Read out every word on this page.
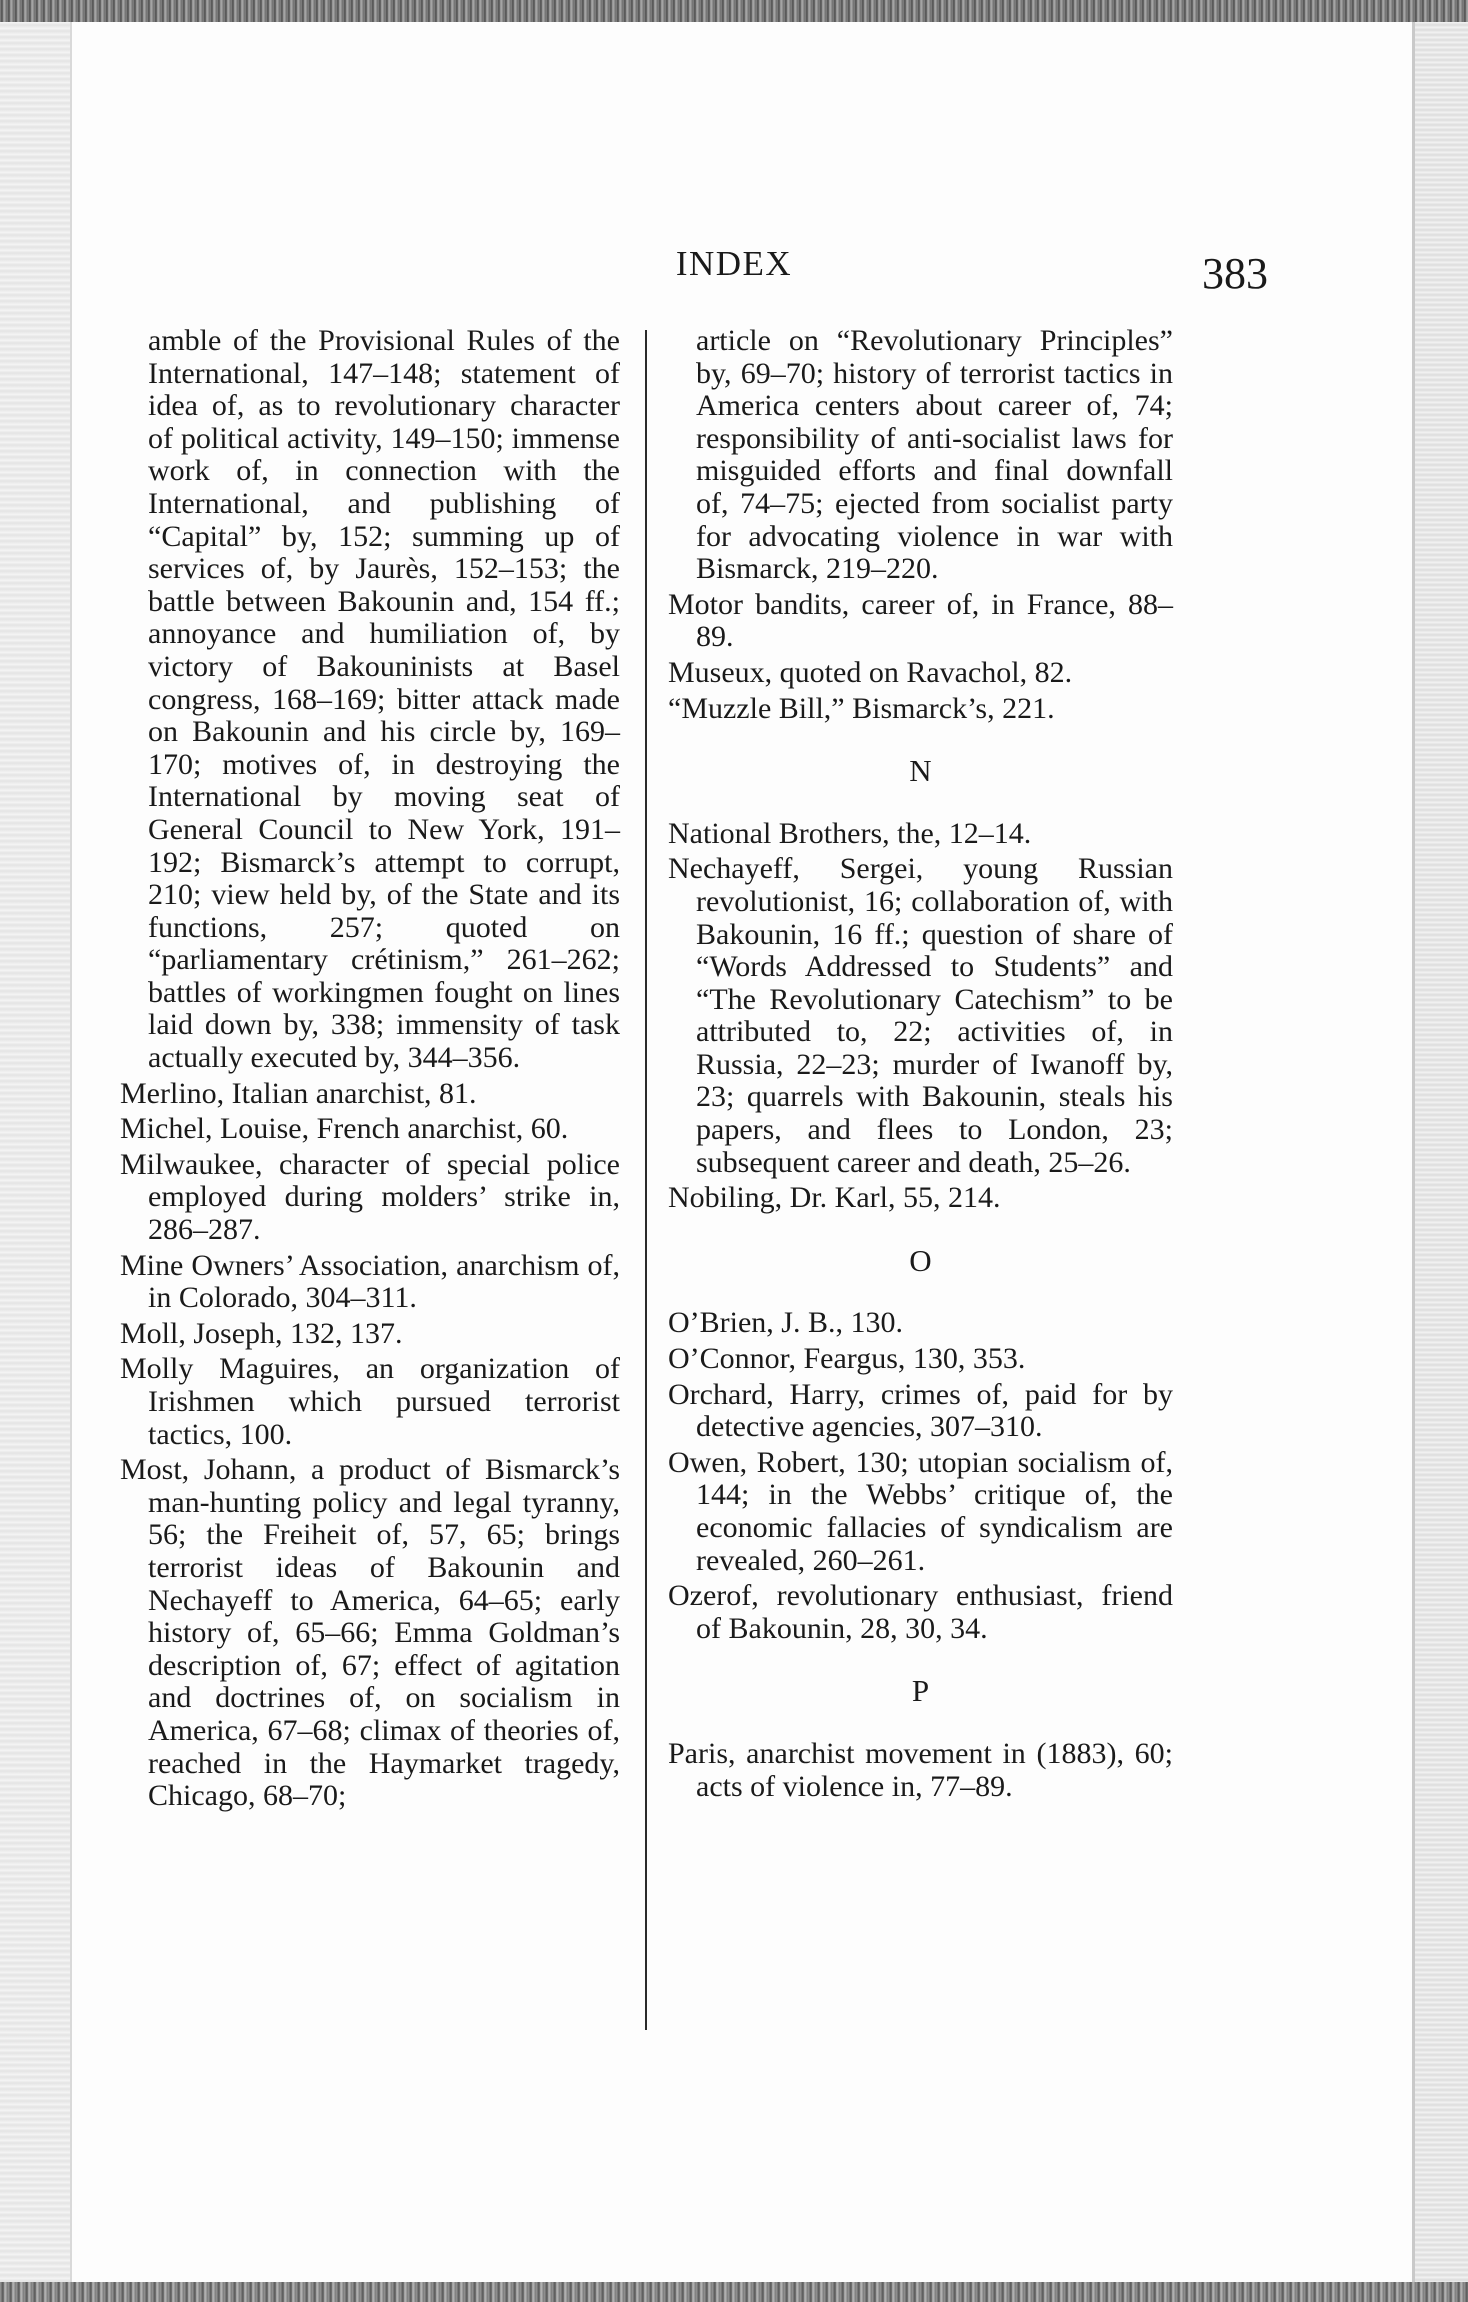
INDEX	383

amble of the Provisional Rules of the International, 147–148; statement of idea of, as to revolutionary character of political activity, 149–150; immense work of, in connection with the International, and publishing of “Capital” by, 152; summing up of services of, by Jaurès, 152–153; the battle between Bakounin and, 154 ff.; annoyance and humiliation of, by victory of Bakouninists at Basel congress, 168–169; bitter attack made on Bakounin and his circle by, 169–170; motives of, in destroying the International by moving seat of General Council to New York, 191–192; Bismarck’s attempt to corrupt, 210; view held by, of the State and its functions, 257; quoted on “parliamentary crétinism,” 261–262; battles of workingmen fought on lines laid down by, 338; immensity of task actually executed by, 344–356.

Merlino, Italian anarchist, 81.

Michel, Louise, French anarchist, 60.

Milwaukee, character of special police employed during molders’ strike in, 286–287.

Mine Owners’ Association, anarchism of, in Colorado, 304–311.

Moll, Joseph, 132, 137.

Molly Maguires, an organization of Irishmen which pursued terrorist tactics, 100.

Most, Johann, a product of Bismarck’s man-hunting policy and legal tyranny, 56; the Freiheit of, 57, 65; brings terrorist ideas of Bakounin and Nechayeff to America, 64–65; early history of, 65–66; Emma Goldman’s description of, 67; effect of agitation and doctrines of, on socialism in America, 67–68; climax of theories of, reached in the Haymarket tragedy, Chicago, 68–70;

article on “Revolutionary Principles” by, 69–70; history of terrorist tactics in America centers about career of, 74; responsibility of anti-socialist laws for misguided efforts and final downfall of, 74–75; ejected from socialist party for advocating violence in war with Bismarck, 219–220.

Motor bandits, career of, in France, 88–89.

Museux, quoted on Ravachol, 82.

“Muzzle Bill,” Bismarck’s, 221.

N

National Brothers, the, 12–14.

Nechayeff, Sergei, young Russian revolutionist, 16; collaboration of, with Bakounin, 16 ff.; question of share of “Words Addressed to Students” and “The Revolutionary Catechism” to be attributed to, 22; activities of, in Russia, 22–23; murder of Iwanoff by, 23; quarrels with Bakounin, steals his papers, and flees to London, 23; subsequent career and death, 25–26.

Nobiling, Dr. Karl, 55, 214.

O

O’Brien, J. B., 130.

O’Connor, Feargus, 130, 353.

Orchard, Harry, crimes of, paid for by detective agencies, 307–310.

Owen, Robert, 130; utopian socialism of, 144; in the Webbs’ critique of, the economic fallacies of syndicalism are revealed, 260–261.

Ozerof, revolutionary enthusiast, friend of Bakounin, 28, 30, 34.

P

Paris, anarchist movement in (1883), 60; acts of violence in, 77–89.
